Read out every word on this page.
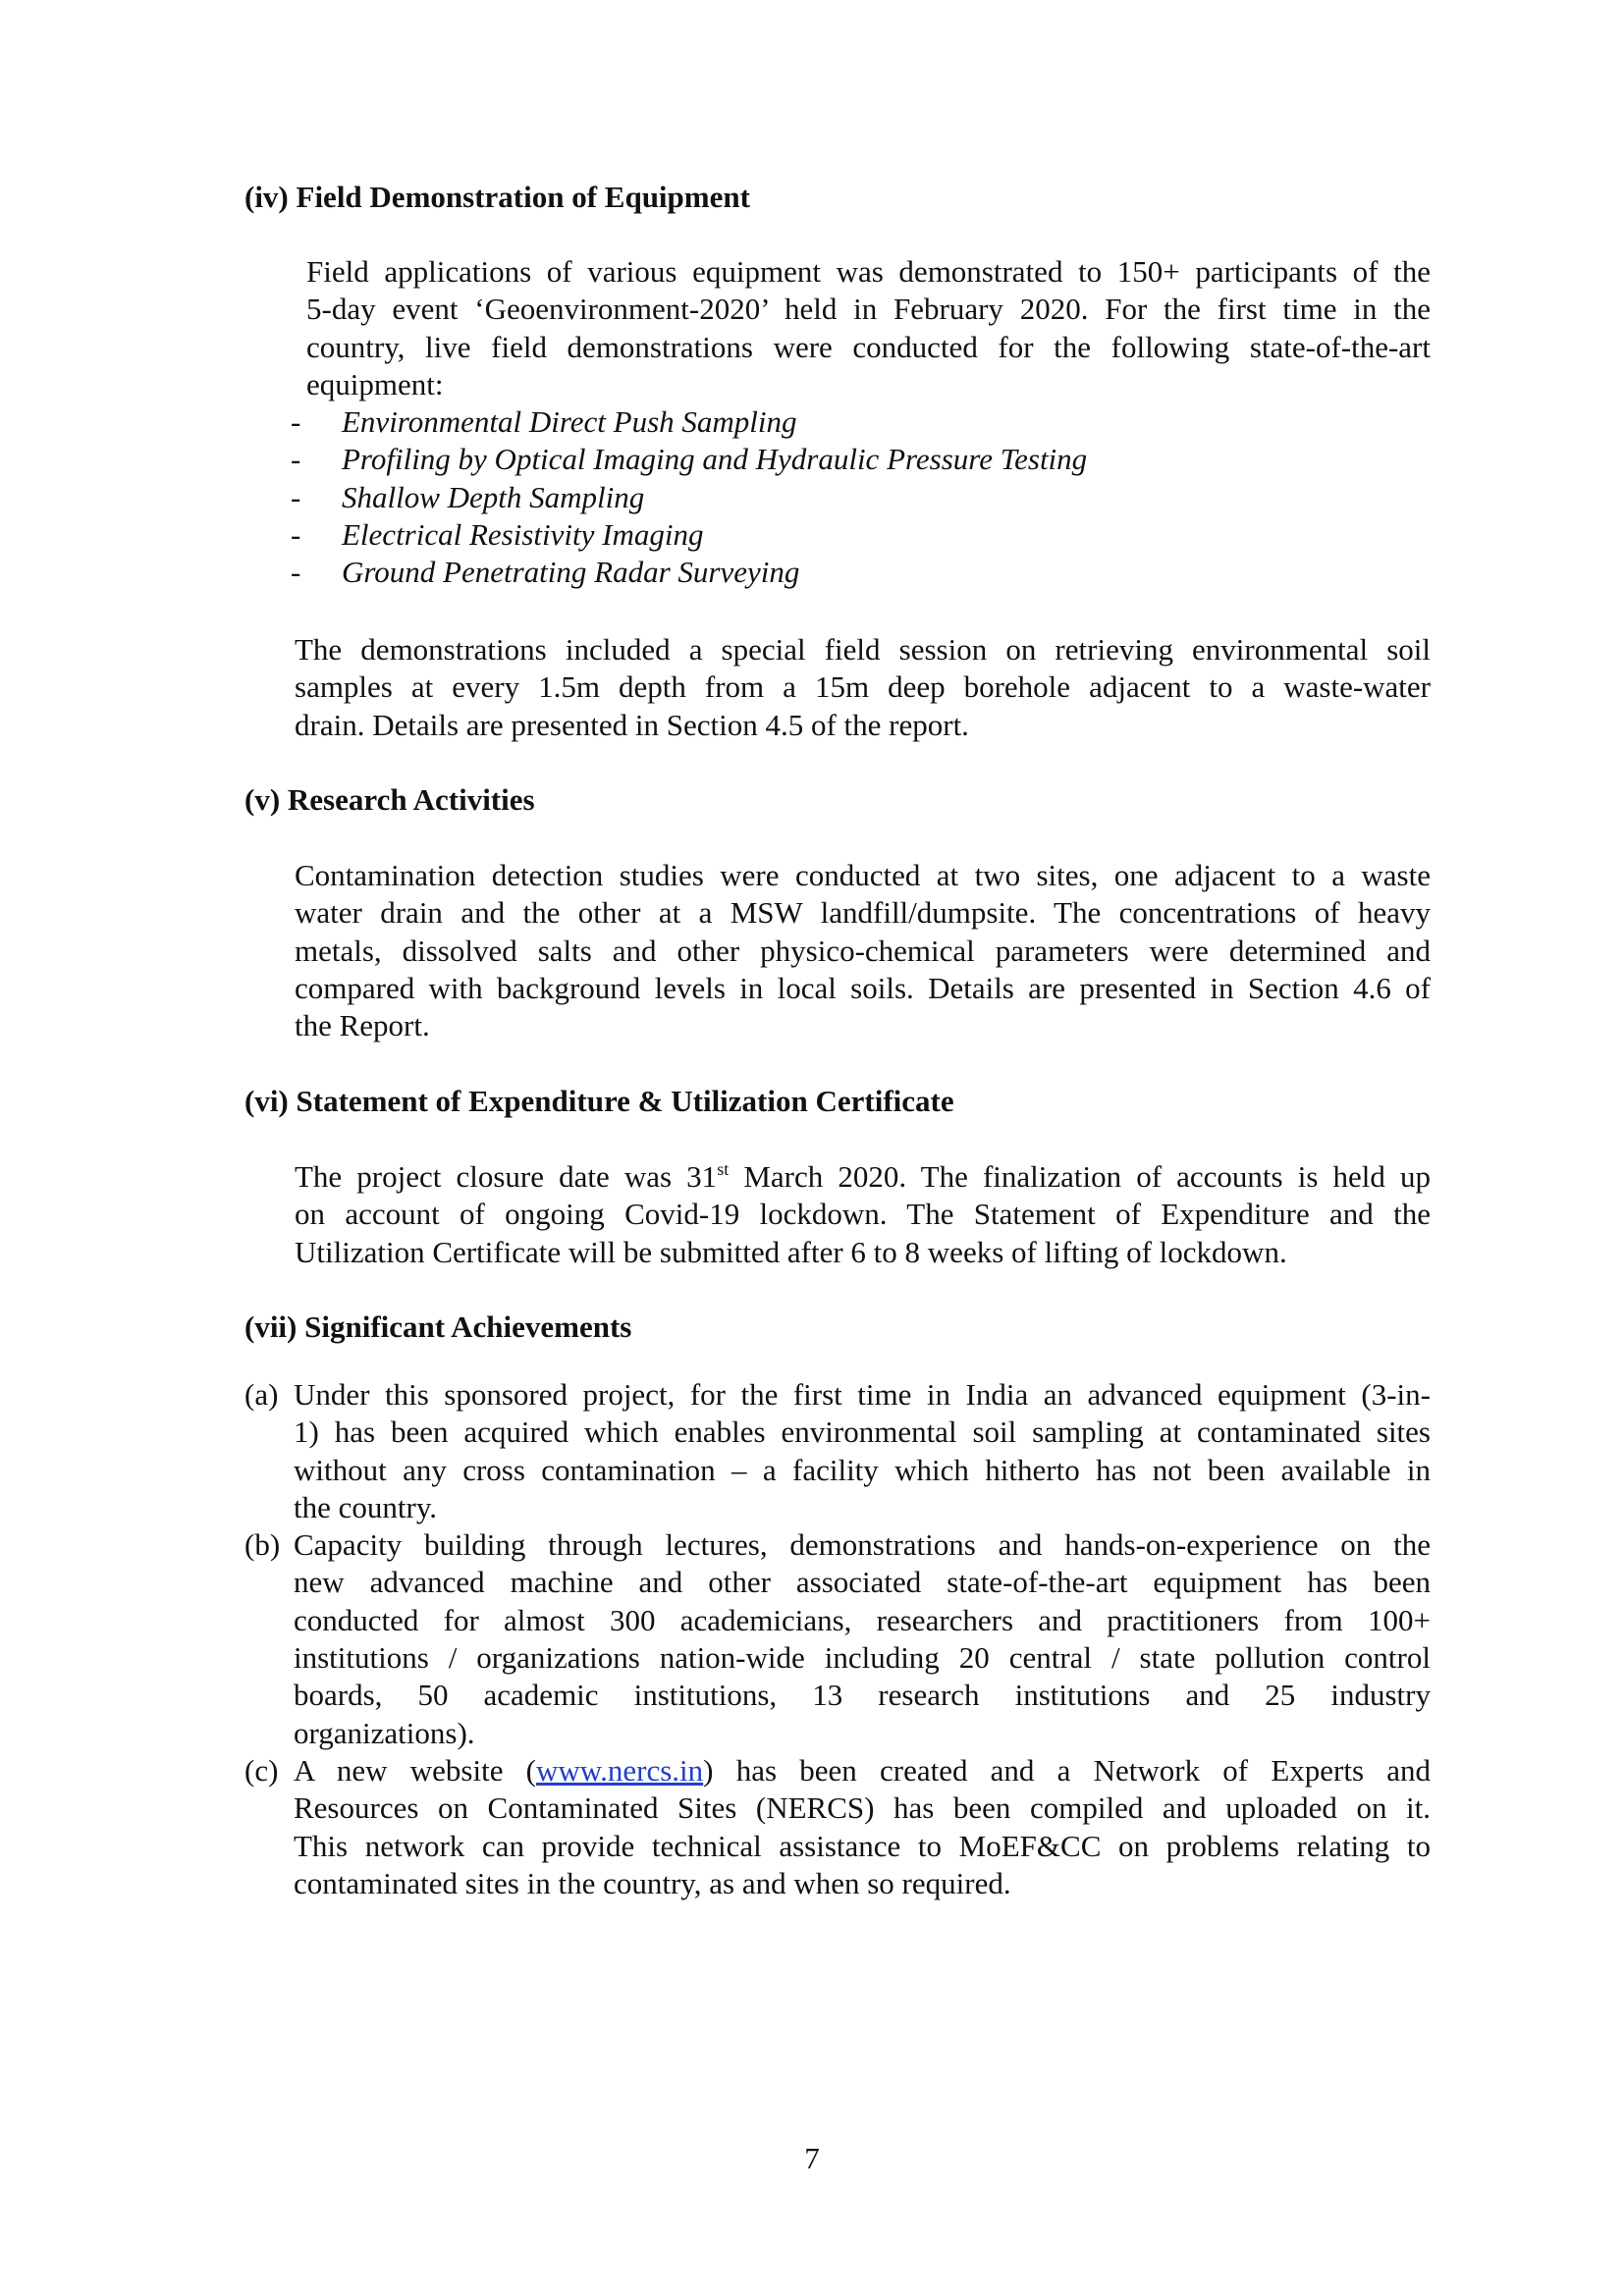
(iv) Field Demonstration of Equipment
Field applications of various equipment was demonstrated to 150+ participants of the
5-day event ‘Geoenvironment-2020’ held in February 2020. For the first time in the
country, live field demonstrations were conducted for the following state-of-the-art
equipment:
- Environmental Direct Push Sampling
- Profiling by Optical Imaging and Hydraulic Pressure Testing
- Shallow Depth Sampling
- Electrical Resistivity Imaging
- Ground Penetrating Radar Surveying
The demonstrations included a special field session on retrieving environmental soil
samples at every 1.5m depth from a 15m deep borehole adjacent to a waste-water
drain. Details are presented in Section 4.5 of the report.
(v) Research Activities
Contamination detection studies were conducted at two sites, one adjacent to a waste
water drain and the other at a MSW landfill/dumpsite. The concentrations of heavy
metals, dissolved salts and other physico-chemical parameters were determined and
compared with background levels in local soils. Details are presented in Section 4.6 of
the Report.
(vi) Statement of Expenditure & Utilization Certificate
The project closure date was 31st March 2020. The finalization of accounts is held up
on account of ongoing Covid-19 lockdown. The Statement of Expenditure and the
Utilization Certificate will be submitted after 6 to 8 weeks of lifting of lockdown.
(vii) Significant Achievements
(a) Under this sponsored project, for the first time in India an advanced equipment (3-in-
1) has been acquired which enables environmental soil sampling at contaminated sites
without any cross contamination – a facility which hitherto has not been available in
the country.
(b) Capacity building through lectures, demonstrations and hands-on-experience on the
new advanced machine and other associated state-of-the-art equipment has been
conducted for almost 300 academicians, researchers and practitioners from 100+
institutions / organizations nation-wide including 20 central / state pollution control
boards, 50 academic institutions, 13 research institutions and 25 industry
organizations).
(c) A new website (www.nercs.in) has been created and a Network of Experts and
Resources on Contaminated Sites (NERCS) has been compiled and uploaded on it.
This network can provide technical assistance to MoEF&CC on problems relating to
contaminated sites in the country, as and when so required.
7
